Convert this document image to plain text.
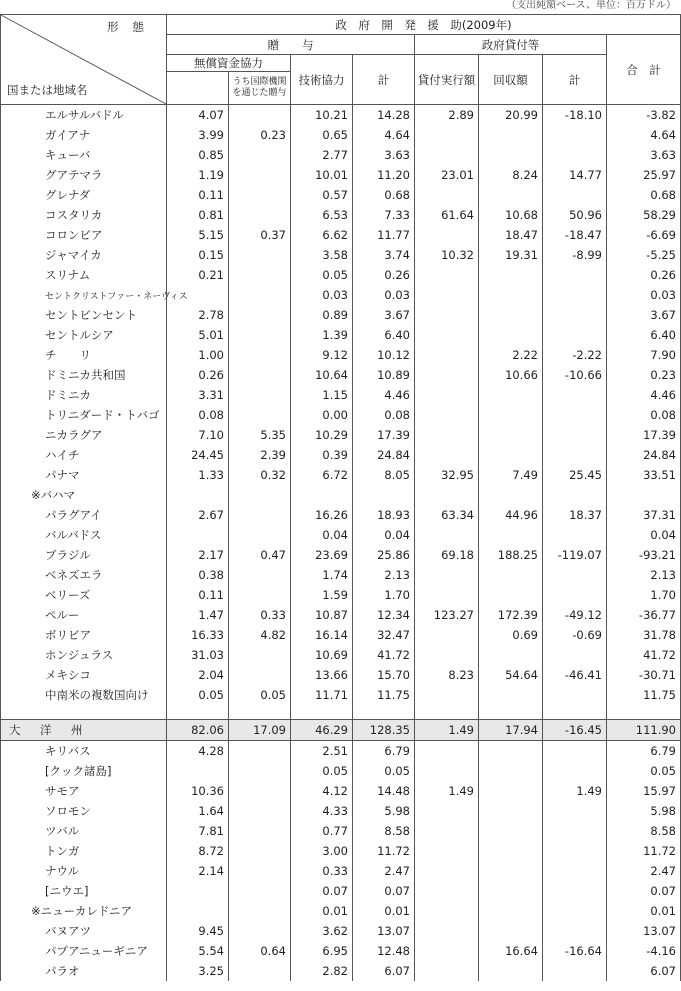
（支出純額ベース、単位：百万ドル）
形態
国または地域名	政　府　開　発　援　助(2009年)							
	贈　　与				政府貸付等			合　計
	無償資金協力		技術協力	計	貸付実行額	回収額	計	
		うち国際機関を通じた贈与						
エルサルバドル	4.07		10.21	14.28	2.89	20.99	-18.10	-3.82
ガイアナ	3.99	0.23	0.65	4.64				4.64
キューバ	0.85		2.77	3.63				3.63
グアテマラ	1.19		10.01	11.20	23.01	8.24	14.77	25.97
グレナダ	0.11		0.57	0.68				0.68
コスタリカ	0.81		6.53	7.33	61.64	10.68	50.96	58.29
コロンビア	5.15	0.37	6.62	11.77		18.47	-18.47	-6.69
ジャマイカ	0.15		3.58	3.74	10.32	19.31	-8.99	-5.25
スリナム	0.21		0.05	0.26				0.26
セントクリストファー・ネーヴィス			0.03	0.03				0.03
セントビンセント	2.78		0.89	3.67				3.67
セントルシア	5.01		1.39	6.40				6.40
チ　　リ	1.00		9.12	10.12		2.22	-2.22	7.90
ドミニカ共和国	0.26		10.64	10.89		10.66	-10.66	0.23
ドミニカ	3.31		1.15	4.46				4.46
トリニダード・トバゴ	0.08		0.00	0.08				0.08
ニカラグア	7.10	5.35	10.29	17.39				17.39
ハイチ	24.45	2.39	0.39	24.84				24.84
パナマ	1.33	0.32	6.72	8.05	32.95	7.49	25.45	33.51
※バハマ								
パラグアイ	2.67		16.26	18.93	63.34	44.96	18.37	37.31
バルバドス			0.04	0.04				0.04
ブラジル	2.17	0.47	23.69	25.86	69.18	188.25	-119.07	-93.21
ベネズエラ	0.38		1.74	2.13				2.13
ベリーズ	0.11		1.59	1.70				1.70
ペルー	1.47	0.33	10.87	12.34	123.27	172.39	-49.12	-36.77
ボリビア	16.33	4.82	16.14	32.47		0.69	-0.69	31.78
ホンジュラス	31.03		10.69	41.72				41.72
メキシコ	2.04		13.66	15.70	8.23	54.64	-46.41	-30.71
中南米の複数国向け	0.05	0.05	11.71	11.75				11.75

大　洋　州	82.06	17.09	46.29	128.35	1.49	17.94	-16.45	111.90
キリバス	4.28		2.51	6.79				6.79
[クック諸島]			0.05	0.05				0.05
サモア	10.36		4.12	14.48	1.49		1.49	15.97
ソロモン	1.64		4.33	5.98				5.98
ツバル	7.81		0.77	8.58				8.58
トンガ	8.72		3.00	11.72				11.72
ナウル	2.14		0.33	2.47				2.47
[ニウエ]			0.07	0.07				0.07
※ニューカレドニア			0.01	0.01				0.01
バヌアツ	9.45		3.62	13.07				13.07
パプアニューギニア	5.54	0.64	6.95	12.48		16.64	-16.64	-4.16
パラオ	3.25		2.82	6.07				6.07
